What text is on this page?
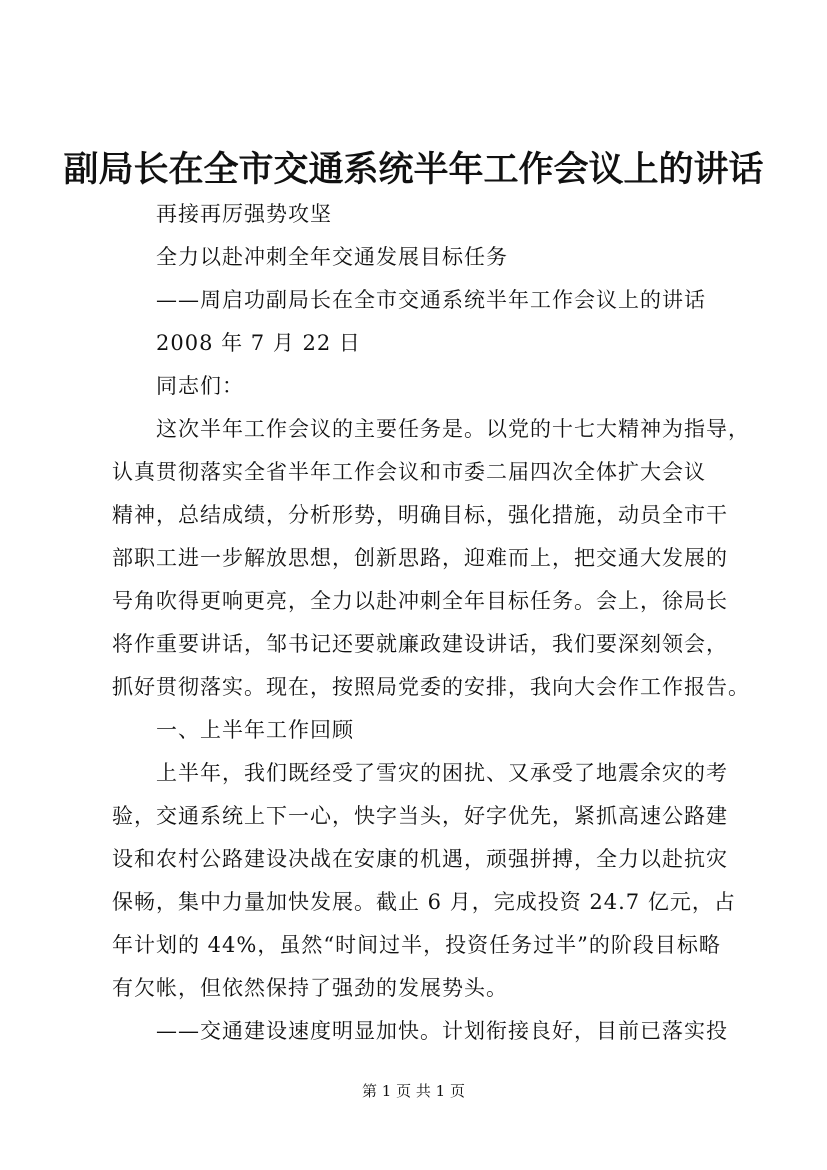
副局长在全市交通系统半年工作会议上的讲话
再接再厉强势攻坚
全力以赴冲刺全年交通发展目标任务
——周启功副局长在全市交通系统半年工作会议上的讲话
2008 年 7 月 22 日
同志们：
这次半年工作会议的主要任务是。以党的十七大精神为指导，
认真贯彻落实全省半年工作会议和市委二届四次全体扩大会议
精神，总结成绩，分析形势，明确目标，强化措施，动员全市干
部职工进一步解放思想，创新思路，迎难而上，把交通大发展的
号角吹得更响更亮，全力以赴冲刺全年目标任务。会上，徐局长
将作重要讲话，邹书记还要就廉政建设讲话，我们要深刻领会，
抓好贯彻落实。现在，按照局党委的安排，我向大会作工作报告。
一、上半年工作回顾
上半年，我们既经受了雪灾的困扰、又承受了地震余灾的考
验，交通系统上下一心，快字当头，好字优先，紧抓高速公路建
设和农村公路建设决战在安康的机遇，顽强拼搏，全力以赴抗灾
保畅，集中力量加快发展。截止 6 月，完成投资 24.7 亿元，占
年计划的 44%，虽然“时间过半，投资任务过半”的阶段目标略
有欠帐，但依然保持了强劲的发展势头。
——交通建设速度明显加快。计划衔接良好，目前已落实投
第 1 页 共 1 页
